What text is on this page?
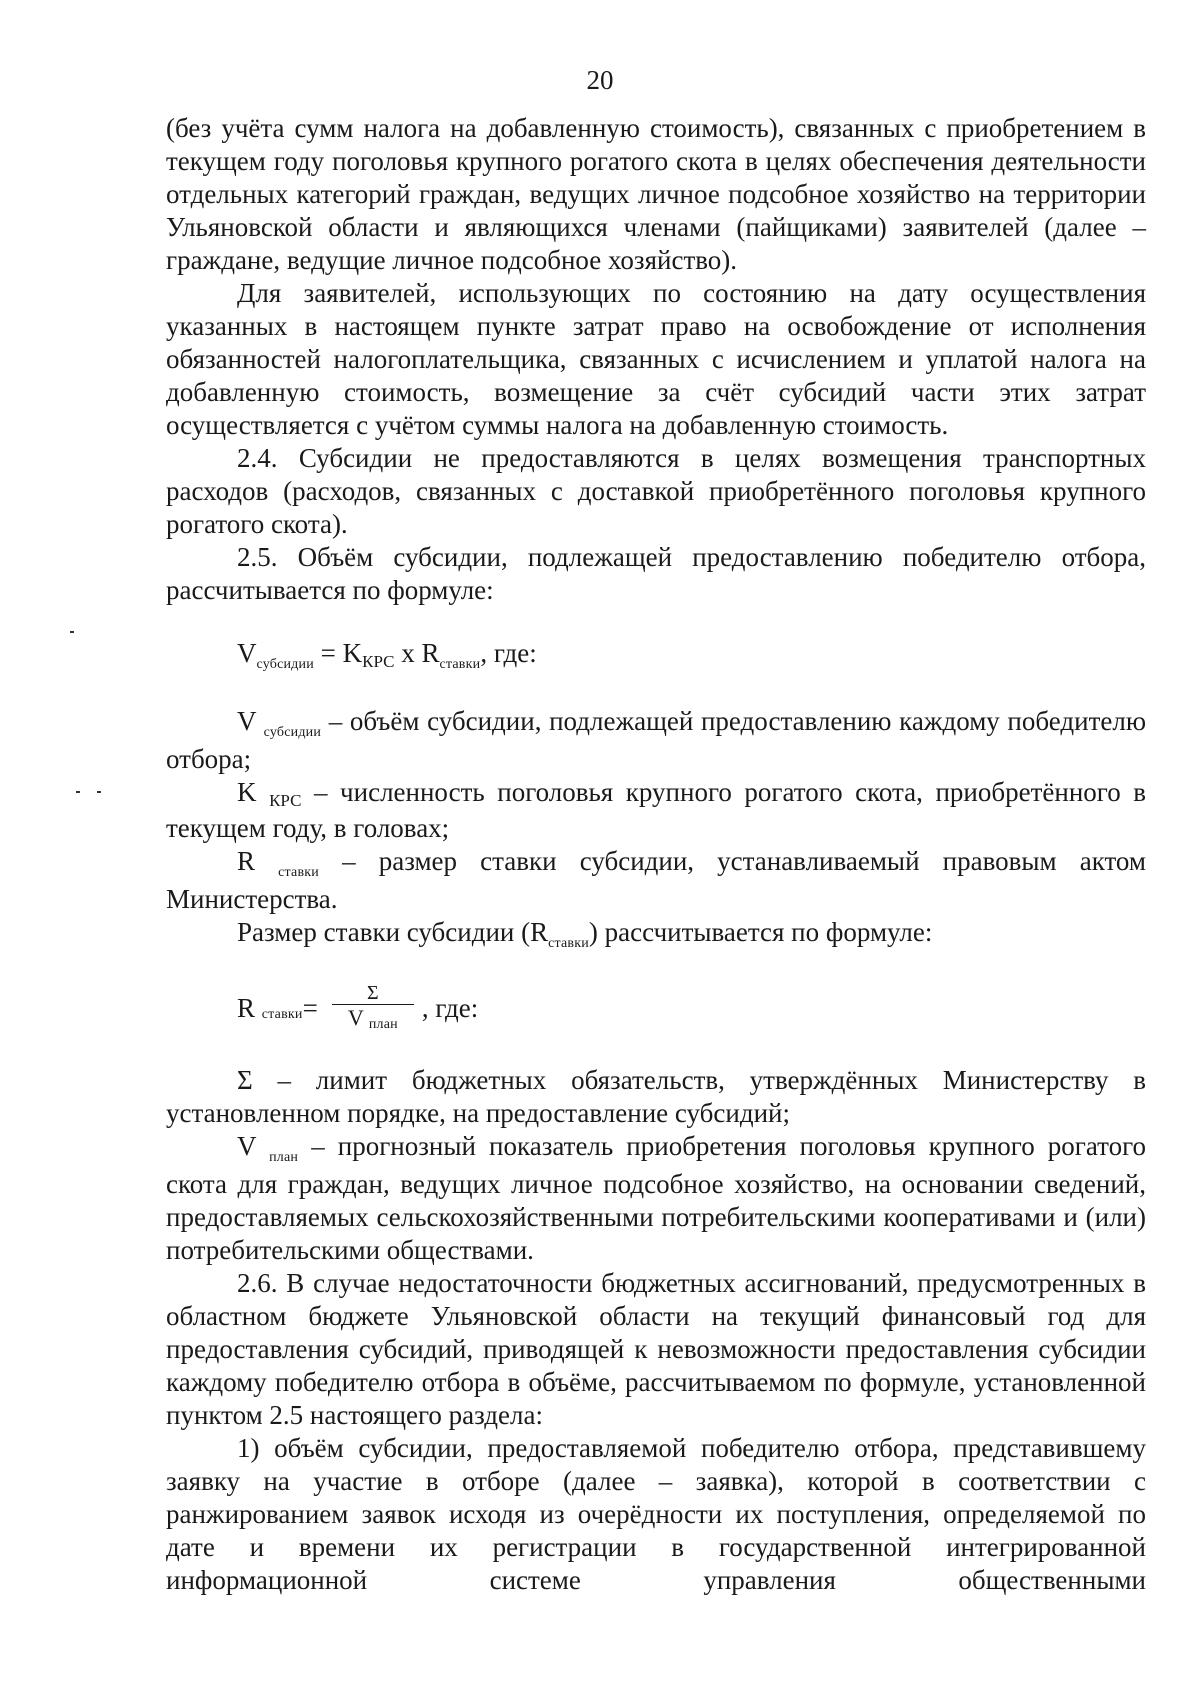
20

(без учёта сумм налога на добавленную стоимость), связанных с приобретением в текущем году поголовья крупного рогатого скота в целях обеспечения деятельности отдельных категорий граждан, ведущих личное подсобное хозяйство на территории Ульяновской области и являющихся членами (пайщиками) заявителей (далее – граждане, ведущие личное подсобное хозяйство).

Для заявителей, использующих по состоянию на дату осуществления указанных в настоящем пункте затрат право на освобождение от исполнения обязанностей налогоплательщика, связанных с исчислением и уплатой налога на добавленную стоимость, возмещение за счёт субсидий части этих затрат осуществляется с учётом суммы налога на добавленную стоимость.

2.4. Субсидии не предоставляются в целях возмещения транспортных расходов (расходов, связанных с доставкой приобретённого поголовья крупного рогатого скота).

2.5. Объём субсидии, подлежащей предоставлению победителю отбора, рассчитывается по формуле:

$V_{субсидии}$ = KКРС x $R_{ставки}$, где:

V $_{субсидии}$ – объём субсидии, подлежащей предоставлению каждому победителю отбора;

K КРС – численность поголовья крупного рогатого скота, приобретённого в текущем году, в головах;

R $_{ставки}$ – размер ставки субсидии, устанавливаемый правовым актом Министерства.

Размер ставки субсидии $(R_{ставки})$ рассчитывается по формуле:

R
ставки = $\frac{\Sigma}{\text{V план}}$ , где:

Σ – лимит бюджетных обязательств, утверждённых Министерству в установленном порядке, на предоставление субсидий;

V $_{план}$ – прогнозный показатель приобретения поголовья крупного рогатого скота для граждан, ведущих личное подсобное хозяйство, на основании сведений, предоставляемых сельскохозяйственными потребительскими кооперативами и (или) потребительскими обществами.

2.6. В случае недостаточности бюджетных ассигнований, предусмотренных в областном бюджете Ульяновской области на текущий финансовый год для предоставления субсидий, приводящей к невозможности предоставления субсидии каждому победителю отбора в объёме, рассчитываемом по формуле, установленной пунктом 2.5 настоящего раздела:

1) объём субсидии, предоставляемой победителю отбора, представившему заявку на участие в отборе (далее – заявка), которой в соответствии с ранжированием заявок исходя из очерёдности их поступления, определяемой по дате и времени их регистрации в государственной интегрированной информационной системе управления общественными
